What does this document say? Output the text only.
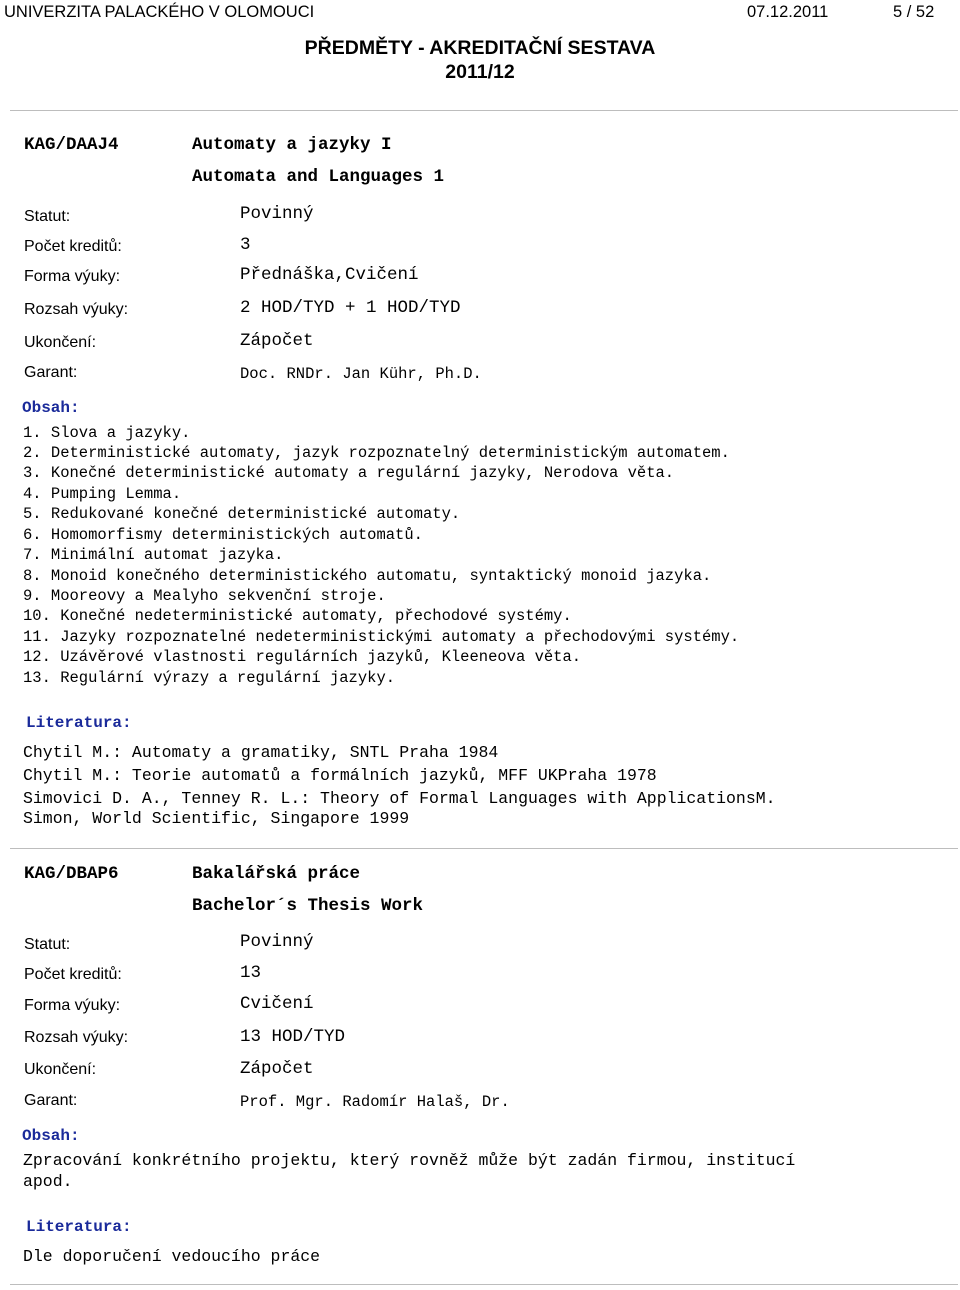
UNIVERZITA PALACKÉHO V OLOMOUCI	07.12.2011	5 / 52
PŘEDMĚTY - AKREDITAČNÍ SESTAVA
2011/12
KAG/DAAJ4	Automaty a jazyky I
Automata and Languages 1
Statut:	Povinný
Počet kreditů:	3
Forma výuky:	Přednáška,Cvičení
Rozsah výuky:	2 HOD/TYD + 1 HOD/TYD
Ukončení:	Zápočet
Garant:	Doc. RNDr. Jan Kühr, Ph.D.
Obsah:
1. Slova a jazyky.
2. Deterministické automaty, jazyk rozpoznatelný deterministickým automatem.
3. Konečné deterministické automaty a regulární jazyky, Nerodova věta.
4. Pumping Lemma.
5. Redukované konečné deterministické automaty.
6. Homomorfismy deterministických automatů.
7. Minimální automat jazyka.
8. Monoid konečného deterministického automatu, syntaktický monoid jazyka.
9. Mooreovy a Mealyho sekvenční stroje.
10. Konečné nedeterministické automaty, přechodové systémy.
11. Jazyky rozpoznatelné nedeterministickými automaty a přechodovými systémy.
12. Uzávěrové vlastnosti regulárních jazyků, Kleeneova věta.
13. Regulární výrazy a regulární jazyky.
Literatura:
Chytil M.: Automaty a gramatiky, SNTL Praha 1984
Chytil M.: Teorie automatů a formálních jazyků, MFF UKPraha 1978
Simovici D. A., Tenney R. L.: Theory of Formal Languages with ApplicationsM.
Simon, World Scientific, Singapore 1999
KAG/DBAP6	Bakalářská práce
Bachelor´s Thesis Work
Statut:	Povinný
Počet kreditů:	13
Forma výuky:	Cvičení
Rozsah výuky:	13 HOD/TYD
Ukončení:	Zápočet
Garant:	Prof. Mgr. Radomír Halaš, Dr.
Obsah:
Zpracování konkrétního projektu, který rovněž může být zadán firmou, institucí
apod.
Literatura:
Dle doporučení vedoucího práce
